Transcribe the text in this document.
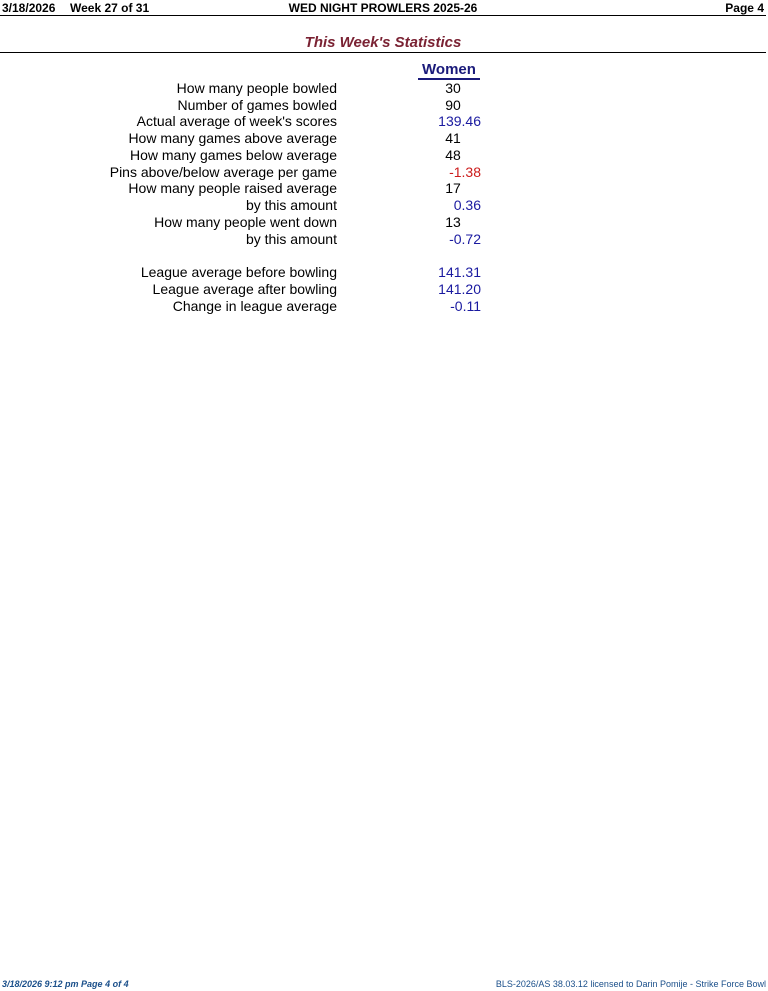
3/18/2026 Week 27 of 31	WED NIGHT PROWLERS 2025-26	Page 4
This Week's Statistics
Women
How many people bowled	30
Number of games bowled	90
Actual average of week's scores	139.46
How many games above average	41
How many games below average	48
Pins above/below average per game	-1.38
How many people raised average	17
by this amount	0.36
How many people went down	13
by this amount	-0.72
League average before bowling	141.31
League average after bowling	141.20
Change in league average	-0.11
3/18/2026 9:12 pm Page 4 of 4	BLS-2026/AS 38.03.12 licensed to Darin Pomije - Strike Force Bowl
